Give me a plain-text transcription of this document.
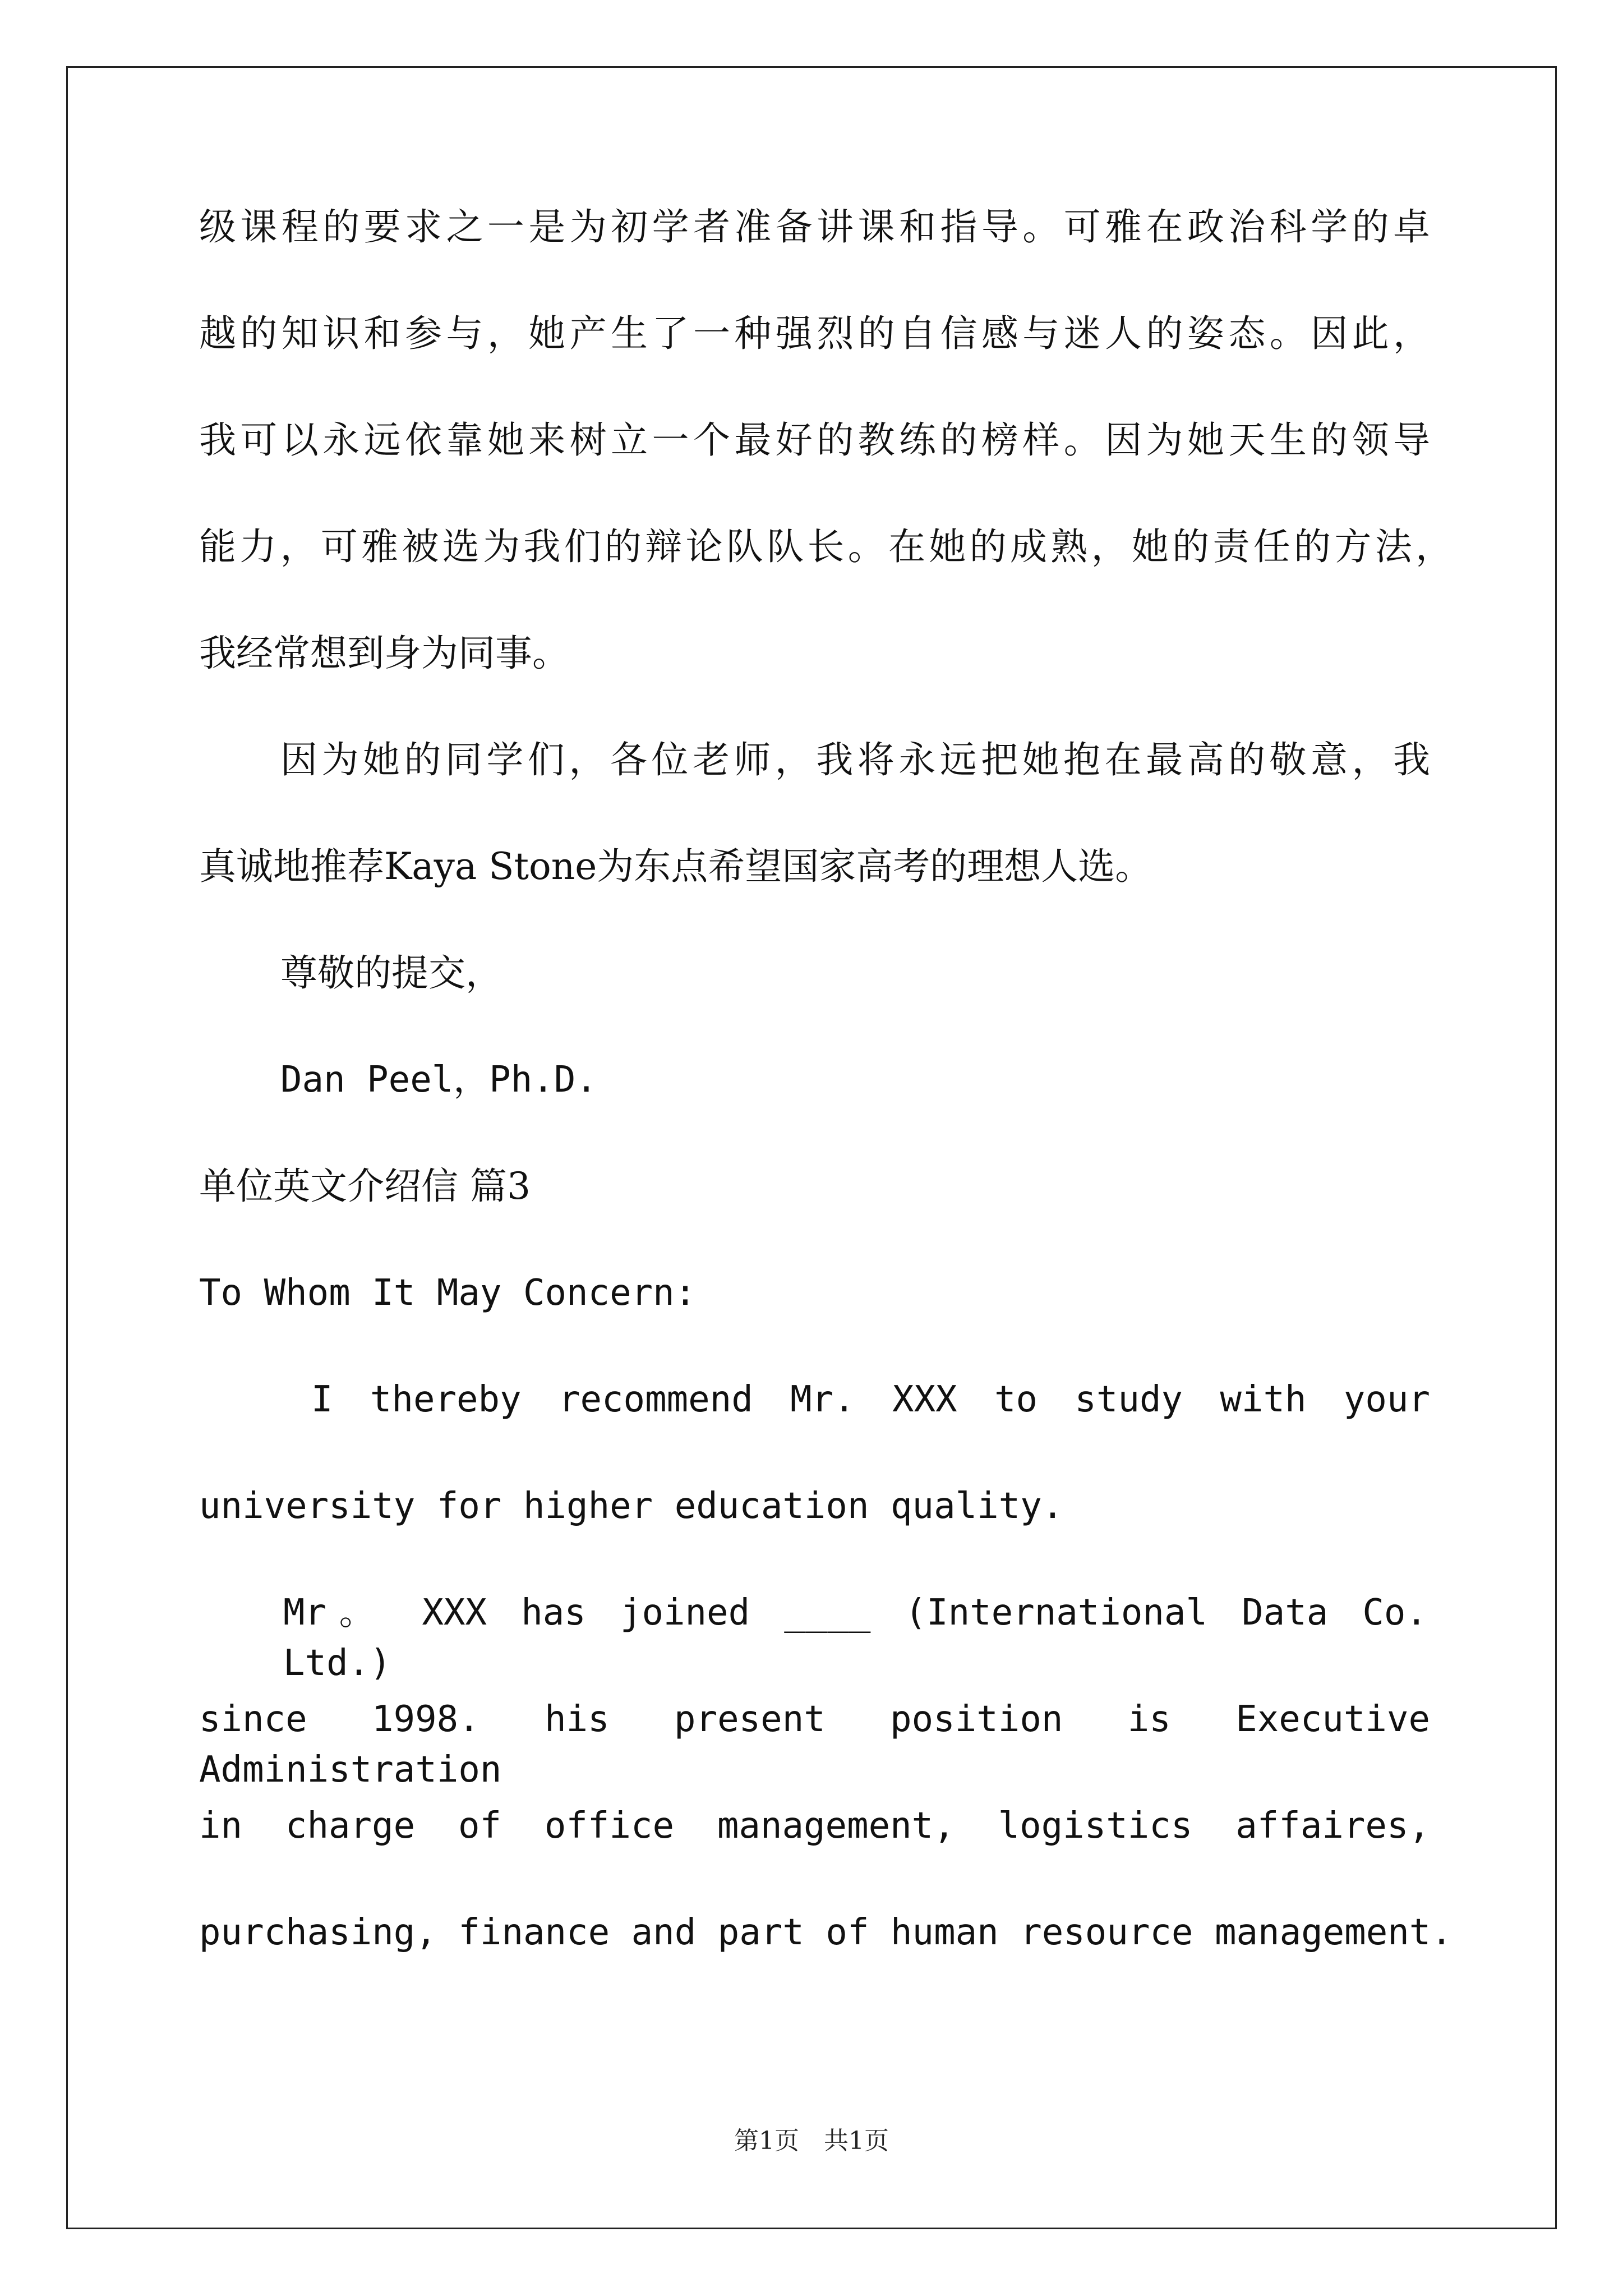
级课程的要求之一是为初学者准备讲课和指导。可雅在政治科学的卓
越的知识和参与，她产生了一种强烈的自信感与迷人的姿态。因此，
我可以永远依靠她来树立一个最好的教练的榜样。因为她天生的领导
能力，可雅被选为我们的辩论队队长。在她的成熟，她的责任的方法，
我经常想到身为同事。
因为她的同学们，各位老师，我将永远把她抱在最高的敬意，我
真诚地推荐Kaya Stone为东点希望国家高考的理想人选。
尊敬的提交，
Dan Peel，Ph.D.
单位英文介绍信 篇3
To Whom It May Concern:
I thereby recommend Mr. XXX to study with your
university for higher education quality.
Mr。 XXX has joined ____ (International Data Co. Ltd.)
since 1998. his present position is Executive Administration
in charge of office management, logistics affaires,
purchasing, finance and part of human resource management.
第1页　共1页
